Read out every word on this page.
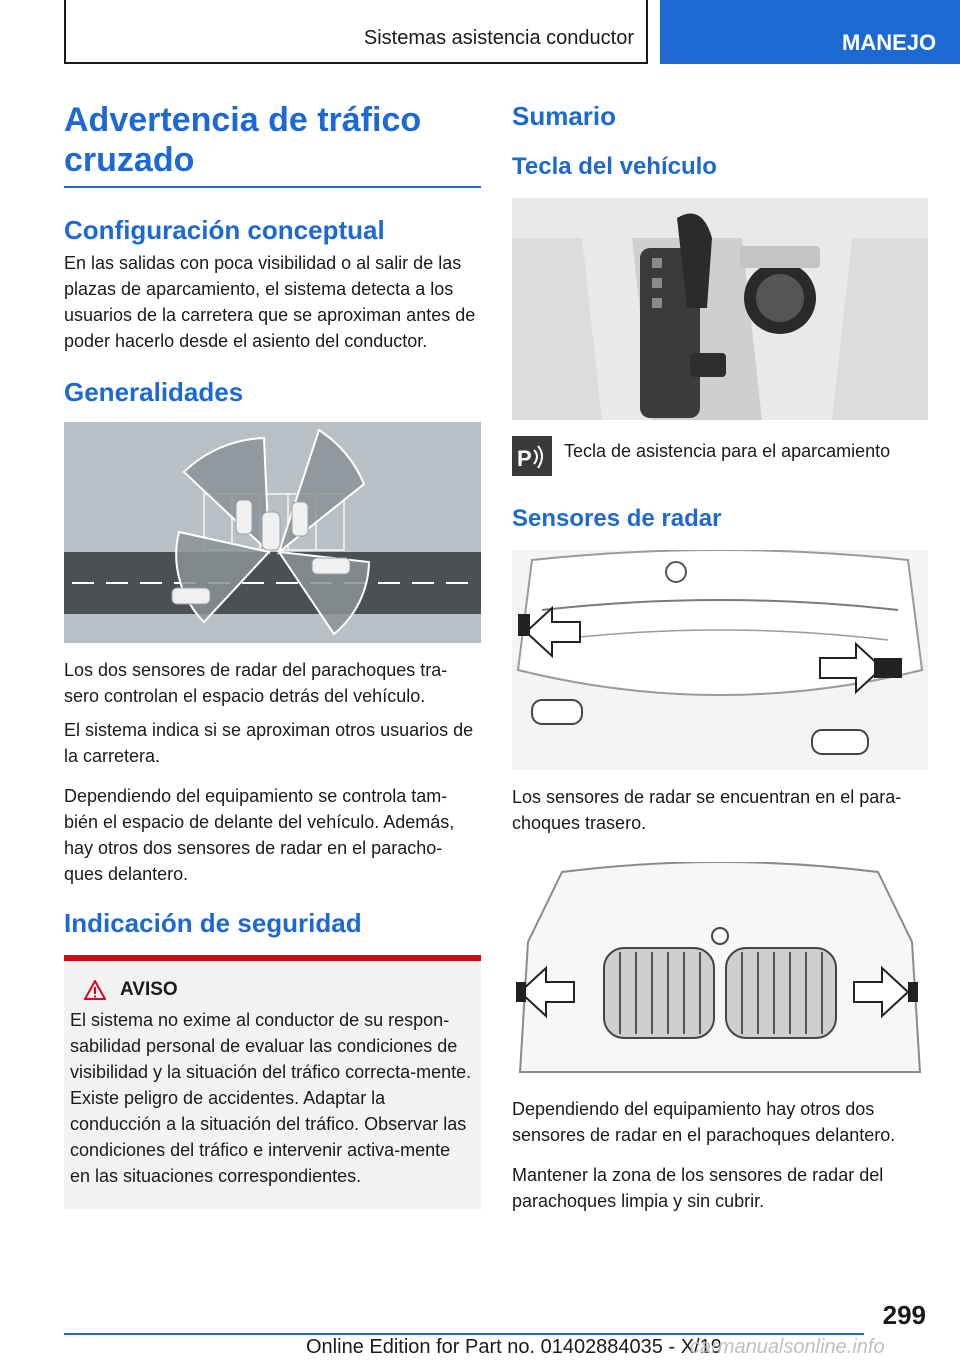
Sistemas asistencia conductor	MANEJO
Advertencia de tráfico cruzado
Configuración conceptual

En las salidas con poca visibilidad o al salir de las plazas de aparcamiento, el sistema detecta a los usuarios de la carretera que se aproximan antes de poder hacerlo desde el asiento del conductor.

Generalidades

Los dos sensores de radar del parachoques tra-sero controlan el espacio detrás del vehículo.

El sistema indica si se aproximan otros usuarios de la carretera.

Dependiendo del equipamiento se controla tam-bién el espacio de delante del vehículo. Además, hay otros dos sensores de radar en el paracho-ques delantero.

Indicación de seguridad
AVISO

El sistema no exime al conductor de su respon-sabilidad personal de evaluar las condiciones de visibilidad y la situación del tráfico correcta-mente. Existe peligro de accidentes. Adaptar la conducción a la situación del tráfico. Observar las condiciones del tráfico e intervenir activa-mente en las situaciones correspondientes.

Sumario
Tecla del vehículo
P Tecla de asistencia para el aparcamiento

Sensores de radar

Los sensores de radar se encuentran en el para-choques trasero.

Dependiendo del equipamiento hay otros dos sensores de radar en el parachoques delantero.

Mantener la zona de los sensores de radar del parachoques limpia y sin cubrir.

299
Online Edition for Part no. 01402884035 - X/19
carmanualsonline.info
